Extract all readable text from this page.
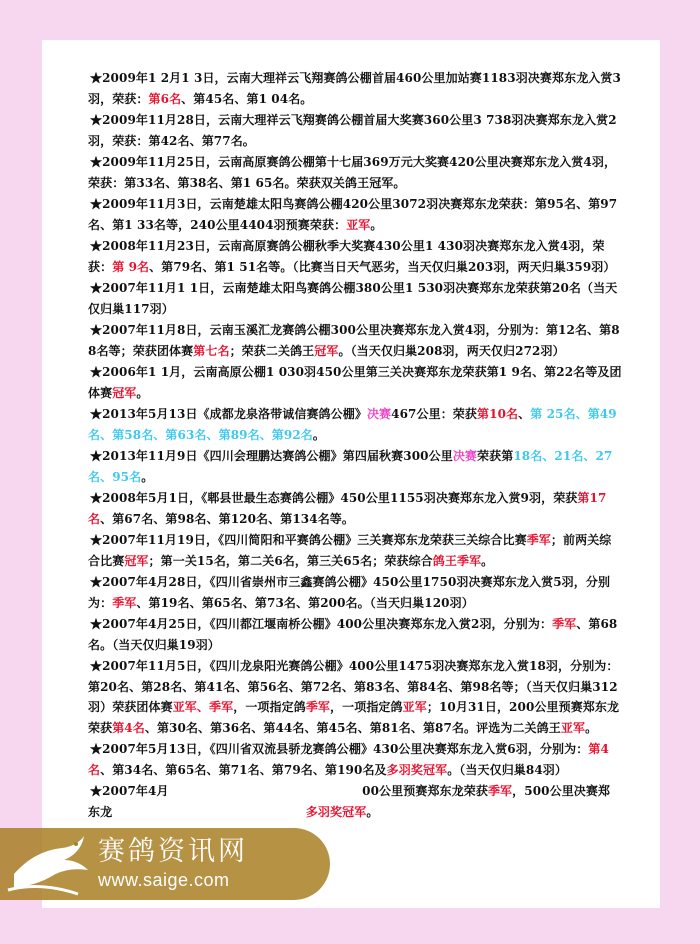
★2009年1 2月1 3日，云南大理祥云飞翔赛鸽公棚首届460公里加站赛1183羽决赛郑东龙入赏3羽，荣获：第6名、第45名、第1 04名。

★2009年11月28日，云南大理祥云飞翔赛鸽公棚首届大奖赛360公里3 738羽决赛郑东龙入赏2羽，荣获：第42名、第77名。

★2009年11月25日，云南高原赛鸽公棚第十七届369万元大奖赛420公里决赛郑东龙入赏4羽，荣获：第33名、第38名、第1 65名。荣获双关鸽王冠军。

★2009年11月3日，云南楚雄太阳鸟赛鸽公棚420公里3072羽决赛郑东龙荣获：第95名、第97名、第1 33名等，240公里4404羽预赛荣获：亚军。

★2008年11月23日，云南高原赛鸽公棚秋季大奖赛430公里1 430羽决赛郑东龙入赏4羽，荣获：第 9名、第79名、第1 51名等。（比赛当日天气恶劣，当天仅归巢203羽，两天归巢359羽）

★2007年11月1 1日，云南楚雄太阳鸟赛鸽公棚380公里1 530羽决赛郑东龙荣获第20名（当天仅归巢117羽）

★2007年11月8日，云南玉溪汇龙赛鸽公棚300公里决赛郑东龙入赏4羽，分别为：第12名、第88名等；荣获团体赛第七名；荣获二关鸽王冠军。（当天仅归巢208羽，两天仅归272羽）

★2006年1 1月，云南高原公棚1 030羽450公里第三关决赛郑东龙荣获第1 9名、第22名等及团体赛冠军。

★2013年5月13日《成都龙泉洛带诚信赛鸽公棚》决赛467公里：荣获第10名、第 25名、第49名、第58名、第63名、第89名、第92名。

★2013年11月9日《四川会理鹏达赛鸽公棚》第四届秋赛300公里决赛荣获第18名、21名、27名、95名。

★2008年5月1日，《郫县世最生态赛鸽公棚》450公里1155羽决赛郑东龙入赏9羽，荣获第17名、第67名、第98名、第120名、第134名等。

★2007年11月19日，《四川简阳和平赛鸽公棚》三关赛郑东龙荣获三关综合比赛季军；前两关综合比赛冠军；第一关15名，第二关6名，第三关65名；荣获综合鸽王季军。

★2007年4月28日，《四川省崇州市三鑫赛鸽公棚》450公里1750羽决赛郑东龙入赏5羽，分别为：季军、第19名、第65名、第73名、第200名。（当天归巢120羽）

★2007年4月25日，《四川都江堰南桥公棚》400公里决赛郑东龙入赏2羽，分别为：季军、第68名。（当天仅归巢19羽）

★2007年11月5日，《四川龙泉阳光赛鸽公棚》400公里1475羽决赛郑东龙入赏18羽，分别为：第20名、第28名、第41名、第56名、第72名、第83名、第84名、第98名等；（当天仅归巢312羽）荣获团体赛亚军、季军，一项指定鸽季军，一项指定鸽亚军；10月31日，200公里预赛郑东龙荣获第4名、第30名、第36名、第44名、第45名、第81名、第87名。评选为二关鸽王亚军。

★2007年5月13日，《四川省双流县骄龙赛鸽公棚》430公里决赛郑东龙入赏6羽，分别为：第4名、第34名、第65名、第71名、第79名、第190名及多羽奖冠军。（当天仅归巢84羽）

★2007年4月　　　　　　　　　　　　　　　　00公里预赛郑东龙荣获季军，500公里决赛郑东龙　　　　　　　　　　　　　　　　多羽奖冠军。

赛鸽资讯网
www.saige.com
